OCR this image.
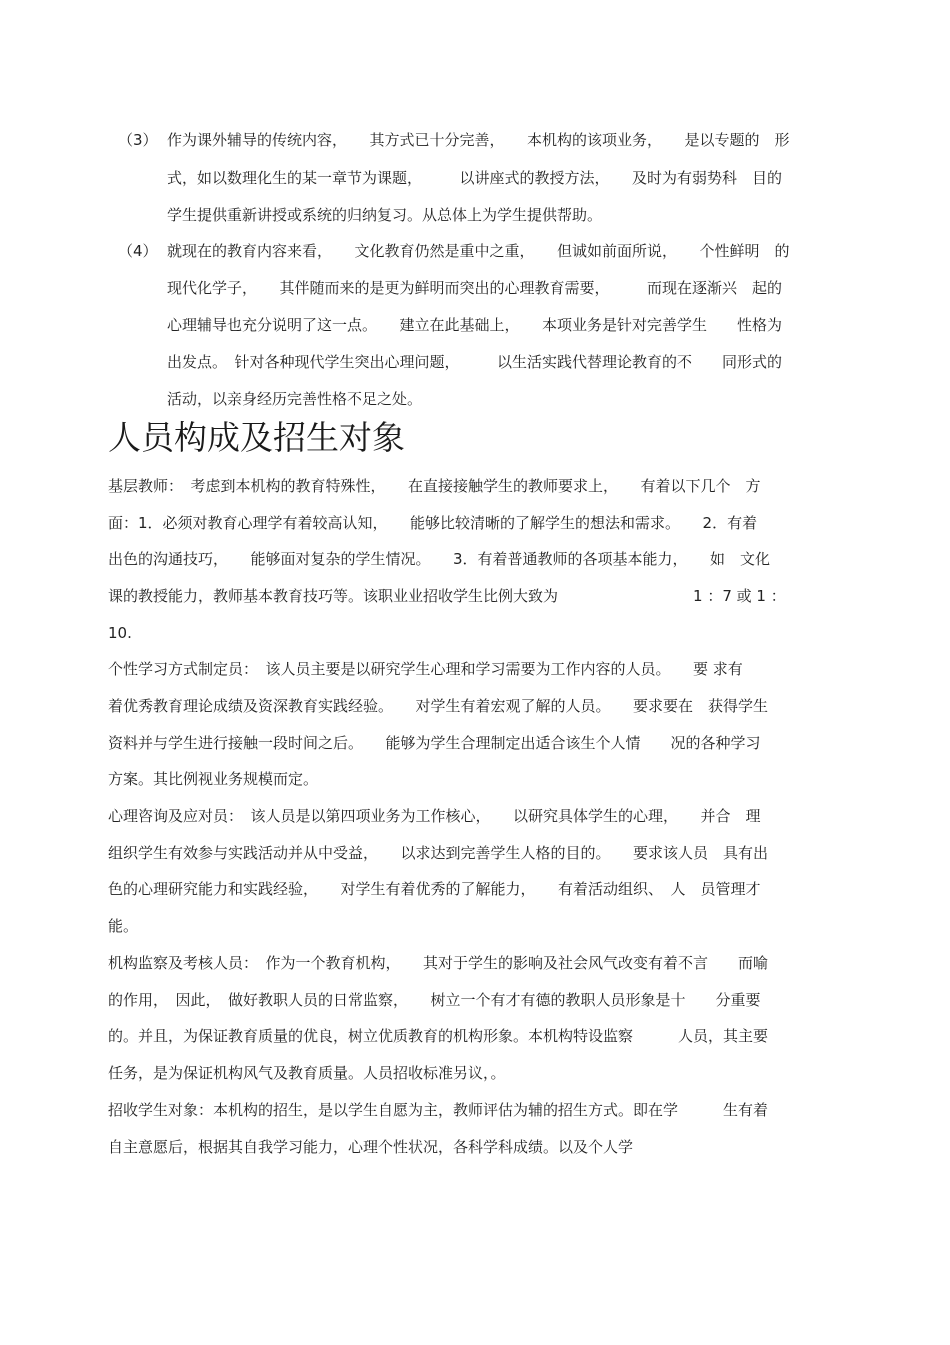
（3） 作为课外辅导的传统内容，　　其方式已十分完善，　　本机构的该项业务，　　是以专题的　形
式，如以数理化生的某一章节为课题，　　　以讲座式的教授方法，　　及时为有弱势科　目的
学生提供重新讲授或系统的归纳复习。从总体上为学生提供帮助。
（4） 就现在的教育内容来看，　　文化教育仍然是重中之重，　　但诚如前面所说，　　个性鲜明　的
现代化学子，　　其伴随而来的是更为鲜明而突出的心理教育需要，　　　而现在逐渐兴　起的
心理辅导也充分说明了这一点。　　建立在此基础上，　　本项业务是针对完善学生　　性格为
出发点。　针对各种现代学生突出心理问题，　　　以生活实践代替理论教育的不　　同形式的
活动，以亲身经历完善性格不足之处。
人员构成及招生对象
基层教师：　考虑到本机构的教育特殊性，　　在直接接触学生的教师要求上，　　有着以下几个　方
面：1．必须对教育心理学有着较高认知，　　能够比较清晰的了解学生的想法和需求。　　2．有着
出色的沟通技巧，　　能够面对复杂的学生情况。　　3．有着普通教师的各项基本能力，　　如　文化
课的教授能力，教师基本教育技巧等。该职业业招收学生比例大致为　　　　　　　　　1 ：7 或 1 ：
10.
个性学习方式制定员：　该人员主要是以研究学生心理和学习需要为工作内容的人员。　　要 求有
着优秀教育理论成绩及资深教育实践经验。　　对学生有着宏观了解的人员。　　要求要在　获得学生
资料并与学生进行接触一段时间之后。　　能够为学生合理制定出适合该生个人情　　况的各种学习
方案。其比例视业务规模而定。
心理咨询及应对员：　该人员是以第四项业务为工作核心，　　以研究具体学生的心理，　　并合　理
组织学生有效参与实践活动并从中受益，　　以求达到完善学生人格的目的。　　要求该人员　具有出
色的心理研究能力和实践经验，　　对学生有着优秀的了解能力，　　有着活动组织、　人　员管理才
能。
机构监察及考核人员：　作为一个教育机构，　　其对于学生的影响及社会风气改变有着不言　　而喻
的作用，　因此，　做好教职人员的日常监察，　　树立一个有才有德的教职人员形象是十　　分重要
的。并且，为保证教育质量的优良，树立优质教育的机构形象。本机构特设监察　　　人员，其主要
任务，是为保证机构风气及教育质量。人员招收标准另议，。
招收学生对象：本机构的招生，是以学生自愿为主，教师评估为辅的招生方式。即在学　　　生有着
自主意愿后，根据其自我学习能力，心理个性状况，各科学科成绩。以及个人学
